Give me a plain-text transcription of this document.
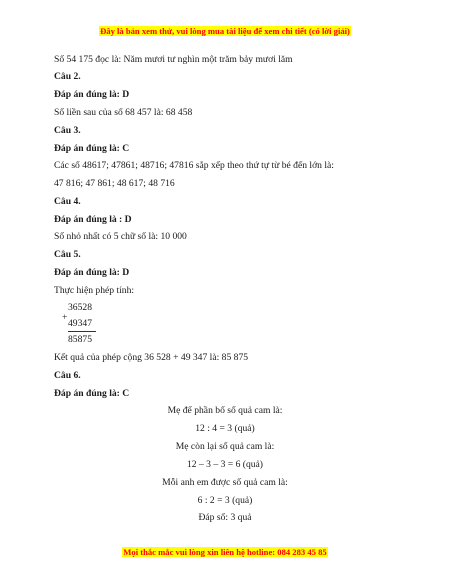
Đây là bản xem thử, vui lòng mua tài liệu để xem chi tiết (có lời giải)
Số 54 175 đọc là: Năm mươi tư nghìn một trăm bảy mươi lăm
Câu 2.
Đáp án đúng là: D
Số liền sau của số 68 457 là: 68 458
Câu 3.
Đáp án đúng là: C
Các số 48617; 47861; 48716; 47816 sắp xếp theo thứ tự từ bé đến lớn là:
47 816; 47 861; 48 617; 48 716
Câu 4.
Đáp án đúng là : D
Số nhỏ nhất có 5 chữ số là: 10 000
Câu 5.
Đáp án đúng là: D
Thực hiện phép tính:
+
36528
49347
85875
Kết quả của phép cộng 36 528 + 49 347 là: 85 875
Câu 6.
Đáp án đúng là: C
Mẹ để phần bố số quả cam là:
12 : 4 = 3 (quả)
Mẹ còn lại số quả cam là:
12 – 3 – 3 = 6 (quả)
Mỗi anh em được số quả cam là:
6 : 2 = 3 (quả)
Đáp số: 3 quả
Mọi thắc mắc vui lòng xin liên hệ hotline: 084 283 45 85
